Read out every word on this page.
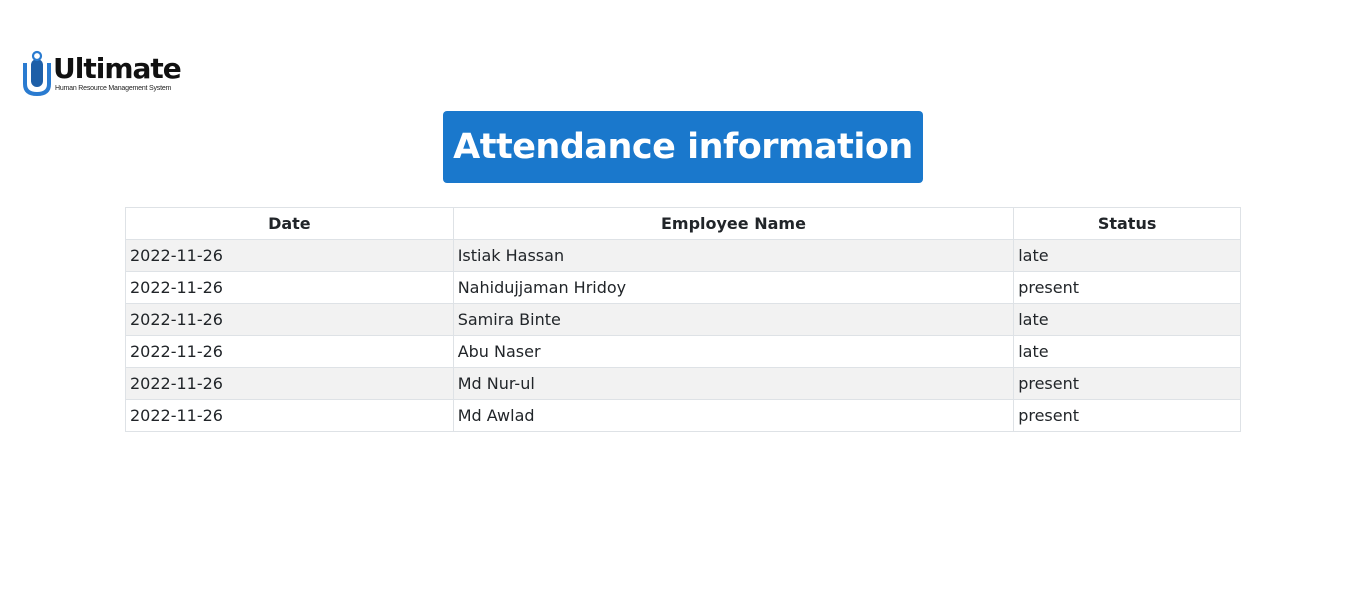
Ultimate
Human Resource Management System
Attendance information
Date	Employee Name	Status
2022-11-26	Istiak Hassan	late
2022-11-26	Nahidujjaman Hridoy	present
2022-11-26	Samira Binte	late
2022-11-26	Abu Naser	late
2022-11-26	Md Nur-ul	present
2022-11-26	Md Awlad	present
